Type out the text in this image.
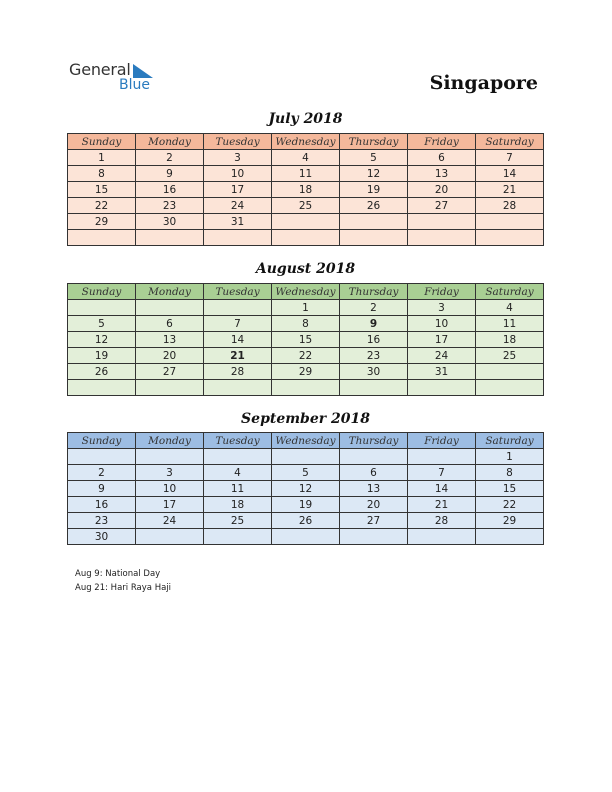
General
Blue	Singapore
July 2018
Sunday	Monday	Tuesday	Wednesday	Thursday	Friday	Saturday
1	2	3	4	5	6	7
8	9	10	11	12	13	14
15	16	17	18	19	20	21
22	23	24	25	26	27	28
29	30	31				

August 2018
Sunday	Monday	Tuesday	Wednesday	Thursday	Friday	Saturday
			1	2	3	4
5	6	7	8	9	10	11
12	13	14	15	16	17	18
19	20	21	22	23	24	25
26	27	28	29	30	31	

September 2018
Sunday	Monday	Tuesday	Wednesday	Thursday	Friday	Saturday
						1
2	3	4	5	6	7	8
9	10	11	12	13	14	15
16	17	18	19	20	21	22
23	24	25	26	27	28	29
30						
Aug 9: National Day
Aug 21: Hari Raya Haji
